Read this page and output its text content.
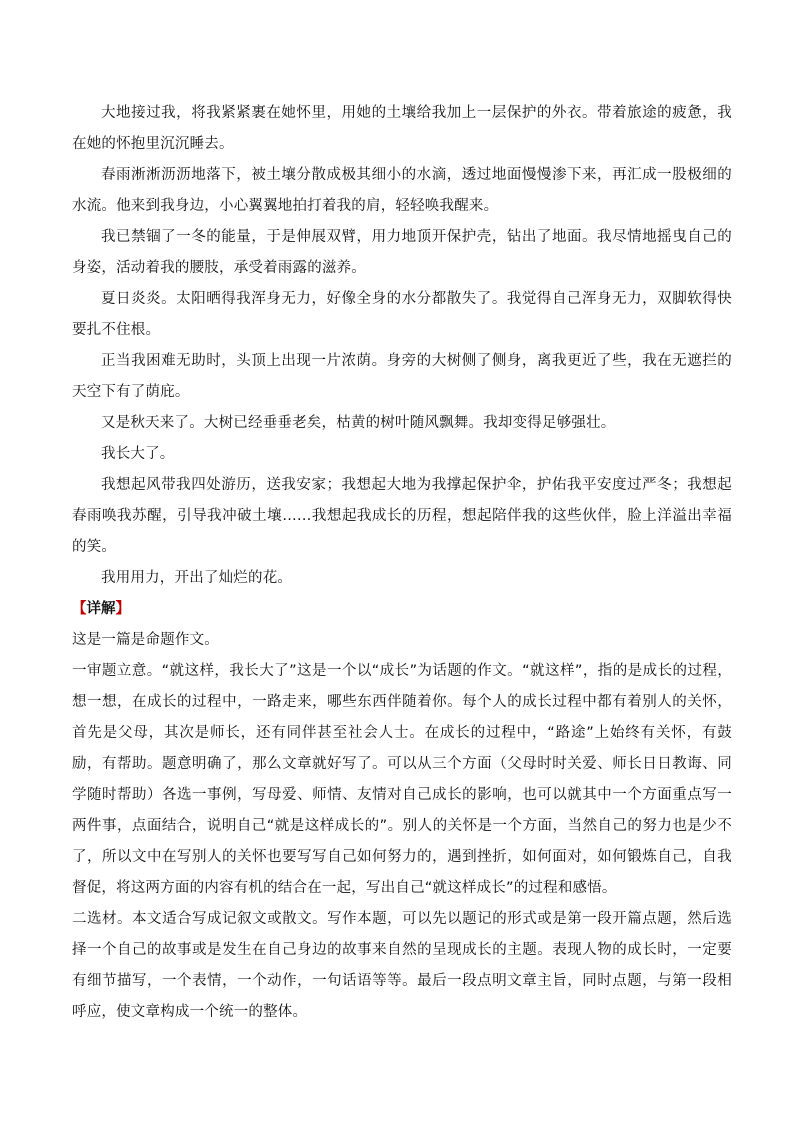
大地接过我，将我紧紧裹在她怀里，用她的土壤给我加上一层保护的外衣。带着旅途的疲惫，我在她的怀抱里沉沉睡去。

春雨淅淅沥沥地落下，被土壤分散成极其细小的水滴，透过地面慢慢渗下来，再汇成一股极细的水流。他来到我身边，小心翼翼地拍打着我的肩，轻轻唤我醒来。

我已禁锢了一冬的能量，于是伸展双臂，用力地顶开保护壳，钻出了地面。我尽情地摇曳自己的身姿，活动着我的腰肢，承受着雨露的滋养。

夏日炎炎。太阳晒得我浑身无力，好像全身的水分都散失了。我觉得自己浑身无力，双脚软得快要扎不住根。

正当我困难无助时，头顶上出现一片浓荫。身旁的大树侧了侧身，离我更近了些，我在无遮拦的天空下有了荫庇。

又是秋天来了。大树已经垂垂老矣，枯黄的树叶随风飘舞。我却变得足够强壮。

我长大了。

我想起风带我四处游历，送我安家；我想起大地为我撑起保护伞，护佑我平安度过严冬；我想起春雨唤我苏醒，引导我冲破土壤……我想起我成长的历程，想起陪伴我的这些伙伴，脸上洋溢出幸福的笑。

我用用力，开出了灿烂的花。

【详解】

这是一篇是命题作文。

一审题立意。“就这样，我长大了”这是一个以“成长”为话题的作文。“就这样”，指的是成长的过程，想一想，在成长的过程中，一路走来，哪些东西伴随着你。每个人的成长过程中都有着别人的关怀，首先是父母，其次是师长，还有同伴甚至社会人士。在成长的过程中，“路途”上始终有关怀，有鼓励，有帮助。题意明确了，那么文章就好写了。可以从三个方面（父母时时关爱、师长日日教诲、同学随时帮助）各选一事例，写母爱、师情、友情对自己成长的影响，也可以就其中一个方面重点写一两件事，点面结合，说明自己“就是这样成长的”。别人的关怀是一个方面，当然自己的努力也是少不了，所以文中在写别人的关怀也要写写自己如何努力的，遇到挫折，如何面对，如何锻炼自己，自我督促，将这两方面的内容有机的结合在一起，写出自己“就这样成长”的过程和感悟。

二选材。本文适合写成记叙文或散文。写作本题，可以先以题记的形式或是第一段开篇点题，然后选择一个自己的故事或是发生在自己身边的故事来自然的呈现成长的主题。表现人物的成长时，一定要有细节描写，一个表情，一个动作，一句话语等等。最后一段点明文章主旨，同时点题，与第一段相呼应，使文章构成一个统一的整体。
